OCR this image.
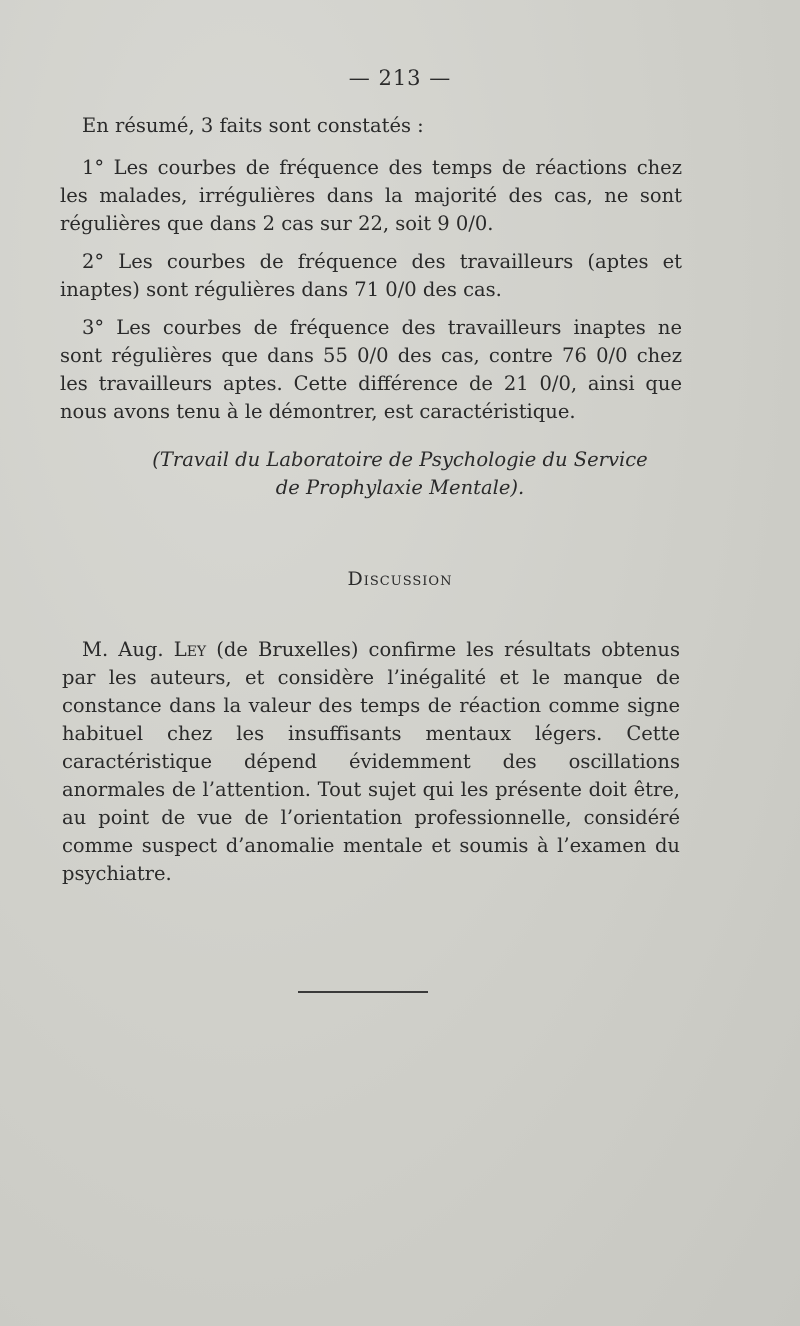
— 213 —

En résumé, 3 faits sont constatés :

1° Les courbes de fréquence des temps de réactions chez les malades, irrégulières dans la majorité des cas, ne sont régulières que dans 2 cas sur 22, soit 9 0/0.

2° Les courbes de fréquence des travailleurs (aptes et inaptes) sont régulières dans 71 0/0 des cas.

3° Les courbes de fréquence des travailleurs inaptes ne sont régulières que dans 55 0/0 des cas, contre 76 0/0 chez les travailleurs aptes. Cette différence de 21 0/0, ainsi que nous avons tenu à le démontrer, est caractéristique.

(Travail du Laboratoire de Psychologie du Service
de Prophylaxie Mentale).
Discussion

M. Aug. Ley (de Bruxelles) confirme les résultats obtenus par les auteurs, et considère l’inégalité et le manque de constance dans la valeur des temps de réaction comme signe habituel chez les insuffisants mentaux légers. Cette caractéristique dépend évidemment des oscillations anormales de l’attention. Tout sujet qui les présente doit être, au point de vue de l’orientation professionnelle, considéré comme suspect d’anomalie mentale et soumis à l’examen du psychiatre.
